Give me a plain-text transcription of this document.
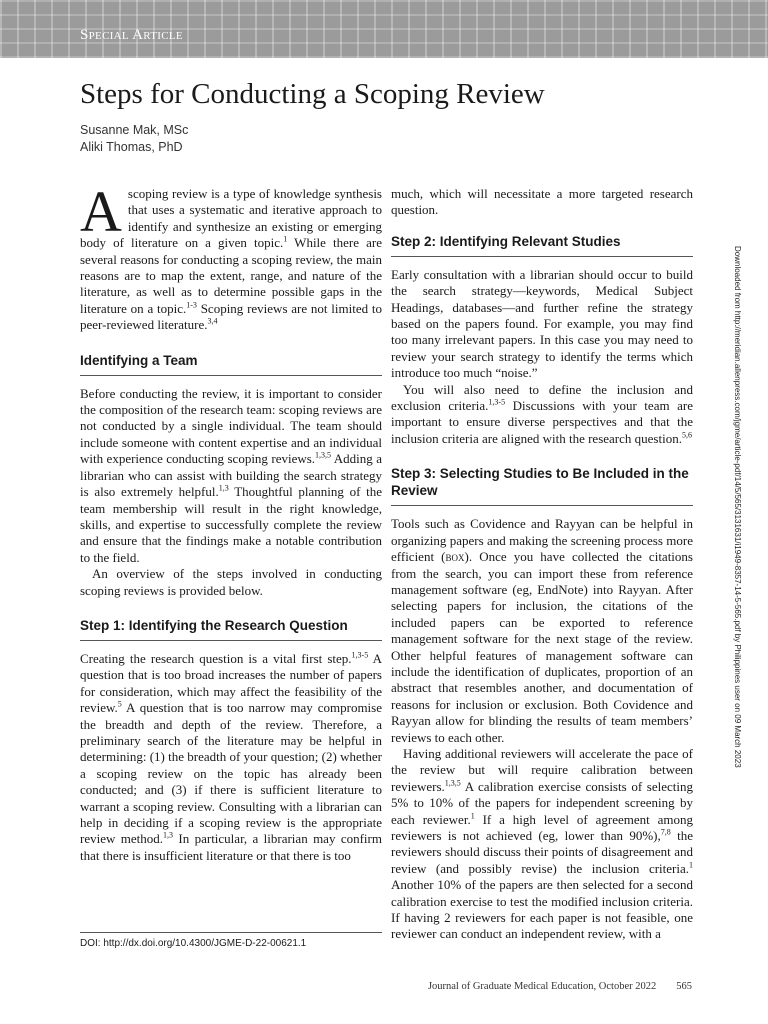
Special Article
Steps for Conducting a Scoping Review
Susanne Mak, MSc
Aliki Thomas, PhD

A scoping review is a type of knowledge synthesis that uses a systematic and iterative approach to identify and synthesize an existing or emerging body of literature on a given topic.$^1$ While there are several reasons for conducting a scoping review, the main reasons are to map the extent, range, and nature of the literature, as well as to determine possible gaps in the literature on a topic.$^{1-3}$ Scoping reviews are not limited to peer-reviewed literature.$^{3,4}$

Identifying a Team

Before conducting the review, it is important to consider the composition of the research team: scoping reviews are not conducted by a single individual. The team should include someone with content expertise and an individual with experience conducting scoping reviews.$^{1,3,5}$ Adding a librarian who can assist with building the search strategy is also extremely helpful.$^{1,3}$ Thoughtful planning of the team membership will result in the right knowledge, skills, and expertise to successfully complete the review and ensure that the findings make a notable contribution to the field.

An overview of the steps involved in conducting scoping reviews is provided below.

Step 1: Identifying the Research Question

Creating the research question is a vital first step.$^{1,3-5}$ A question that is too broad increases the number of papers for consideration, which may affect the feasibility of the review.$^5$ A question that is too narrow may compromise the breadth and depth of the review. Therefore, a preliminary search of the literature may be helpful in determining: (1) the breadth of your question; (2) whether a scoping review on the topic has already been conducted; and (3) if there is sufficient literature to warrant a scoping review. Consulting with a librarian can help in deciding if a scoping review is the appropriate review method.$^{1,3}$ In particular, a librarian may confirm that there is insufficient literature or that there is too

much, which will necessitate a more targeted research question.

Step 2: Identifying Relevant Studies

Early consultation with a librarian should occur to build the search strategy—keywords, Medical Subject Headings, databases—and further refine the strategy based on the papers found. For example, you may find too many irrelevant papers. In this case you may need to review your search strategy to identify the terms which introduce too much “noise.”

You will also need to define the inclusion and exclusion criteria.$^{1,3-5}$ Discussions with your team are important to ensure diverse perspectives and that the inclusion criteria are aligned with the research question.$^{5,6}$

Step 3: Selecting Studies to Be Included in the Review

Tools such as Covidence and Rayyan can be helpful in organizing papers and making the screening process more efficient (box). Once you have collected the citations from the search, you can import these from reference management software (eg, EndNote) into Rayyan. After selecting papers for inclusion, the citations of the included papers can be exported to reference management software for the next stage of the review. Other helpful features of management software can include the identification of duplicates, proportion of an abstract that resembles another, and documentation of reasons for inclusion or exclusion. Both Covidence and Rayyan allow for blinding the results of team members’ reviews to each other.

Having additional reviewers will accelerate the pace of the review but will require calibration between reviewers.$^{1,3,5}$ A calibration exercise consists of selecting 5% to 10% of the papers for independent screening by each reviewer.$^1$ If a high level of agreement among reviewers is not achieved (eg, lower than 90%),$^{7,8}$ the reviewers should discuss their points of disagreement and review (and possibly revise) the inclusion criteria.$^1$ Another 10% of the papers are then selected for a second calibration exercise to test the modified inclusion criteria. If having 2 reviewers for each paper is not feasible, one reviewer can conduct an independent review, with a

DOI: http://dx.doi.org/10.4300/JGME-D-22-00621.1
Journal of Graduate Medical Education, October 2022 565
Downloaded from http://meridian.allenpress.com/jgme/article-pdf/14/5/565/3131631/i1949-8357-14-5-565.pdf by Philippines user on 09 March 2023
